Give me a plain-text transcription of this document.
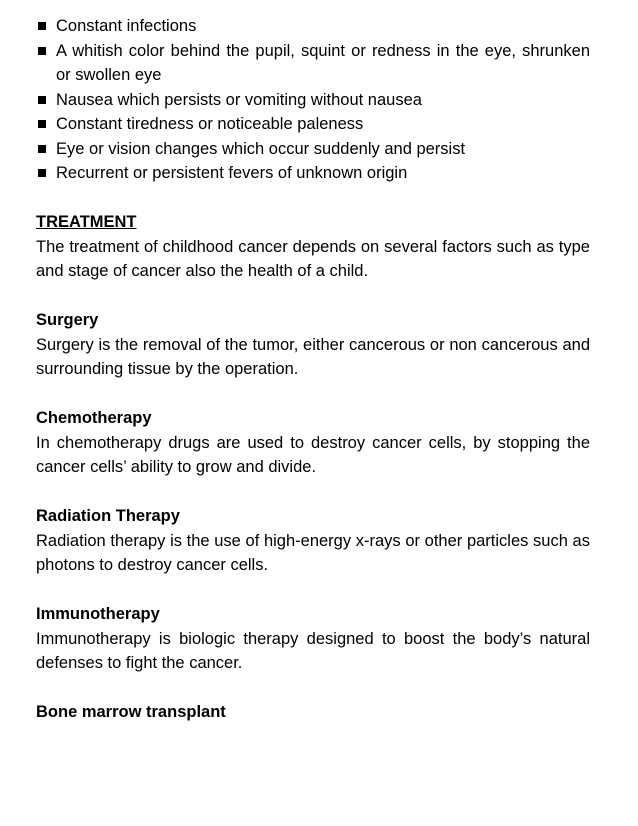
Constant infections
A whitish color behind the pupil, squint or redness in the eye, shrunken or swollen eye
Nausea which persists or vomiting without nausea
Constant tiredness or noticeable paleness
Eye or vision changes which occur suddenly and persist
Recurrent or persistent fevers of unknown origin
TREATMENT

The treatment of childhood cancer depends on several factors such as type and stage of cancer also the health of a child.

Surgery

Surgery is the removal of the tumor, either cancerous or non cancerous and surrounding tissue by the operation.

Chemotherapy

In chemotherapy drugs are used to destroy cancer cells, by stopping the cancer cells’ ability to grow and divide.

Radiation Therapy

Radiation therapy is the use of high-energy x-rays or other particles such as photons to destroy cancer cells.

Immunotherapy

Immunotherapy is biologic therapy designed to boost the body’s natural defenses to fight the cancer.

Bone marrow transplant
